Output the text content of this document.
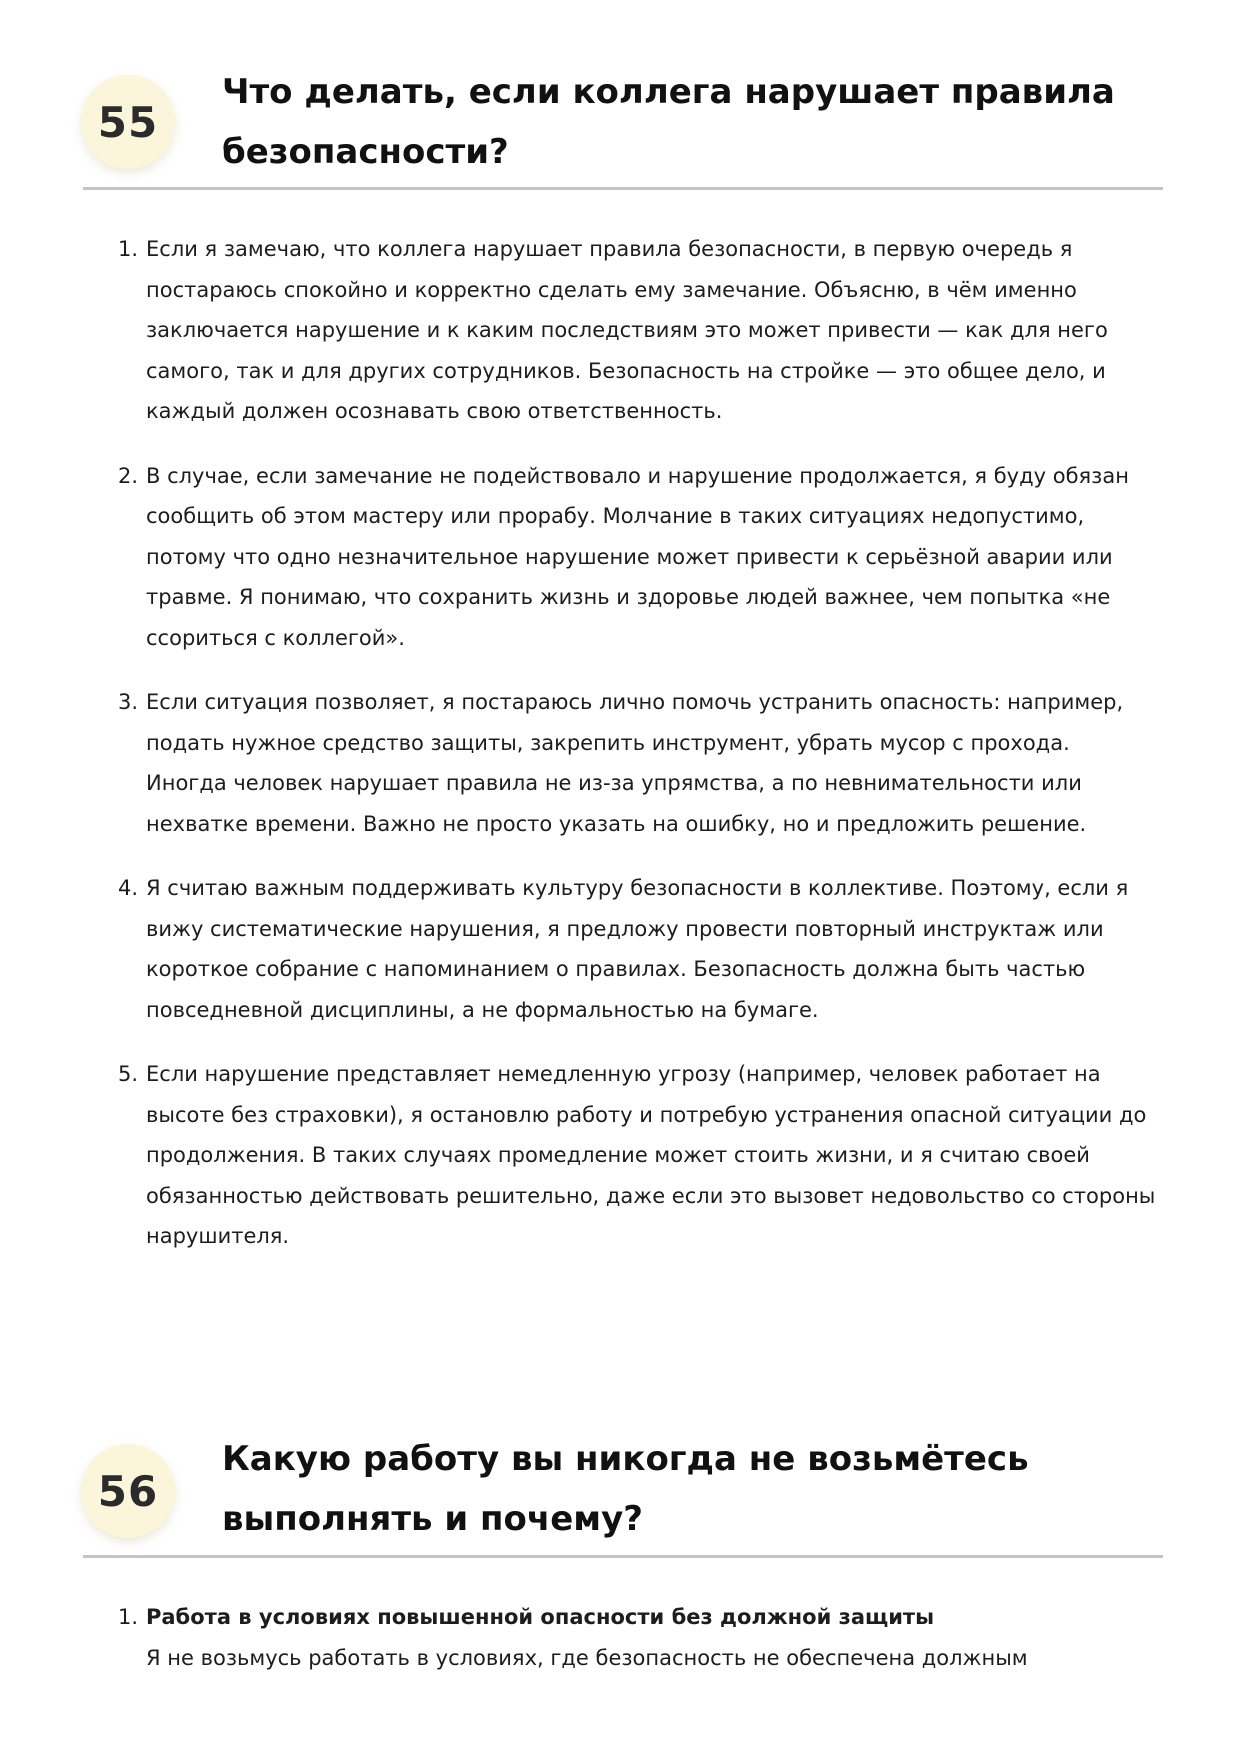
55
Что делать, если коллега нарушает правила безопасности?
1. Если я замечаю, что коллега нарушает правила безопасности, в первую очередь я постараюсь спокойно и корректно сделать ему замечание. Объясню, в чём именно заключается нарушение и к каким последствиям это может привести — как для него самого, так и для других сотрудников. Безопасность на стройке — это общее дело, и каждый должен осознавать свою ответственность.
2. В случае, если замечание не подействовало и нарушение продолжается, я буду обязан сообщить об этом мастеру или прорабу. Молчание в таких ситуациях недопустимо, потому что одно незначительное нарушение может привести к серьёзной аварии или травме. Я понимаю, что сохранить жизнь и здоровье людей важнее, чем попытка «не ссориться с коллегой».
3. Если ситуация позволяет, я постараюсь лично помочь устранить опасность: например, подать нужное средство защиты, закрепить инструмент, убрать мусор с прохода. Иногда человек нарушает правила не из-за упрямства, а по невнимательности или нехватке времени. Важно не просто указать на ошибку, но и предложить решение.
4. Я считаю важным поддерживать культуру безопасности в коллективе. Поэтому, если я вижу систематические нарушения, я предложу провести повторный инструктаж или короткое собрание с напоминанием о правилах. Безопасность должна быть частью повседневной дисциплины, а не формальностью на бумаге.
5. Если нарушение представляет немедленную угрозу (например, человек работает на высоте без страховки), я остановлю работу и потребую устранения опасной ситуации до продолжения. В таких случаях промедление может стоить жизни, и я считаю своей обязанностью действовать решительно, даже если это вызовет недовольство со стороны нарушителя.
56
Какую работу вы никогда не возьмётесь выполнять и почему?
1. Работа в условиях повышенной опасности без должной защиты
Я не возьмусь работать в условиях, где безопасность не обеспечена должным
